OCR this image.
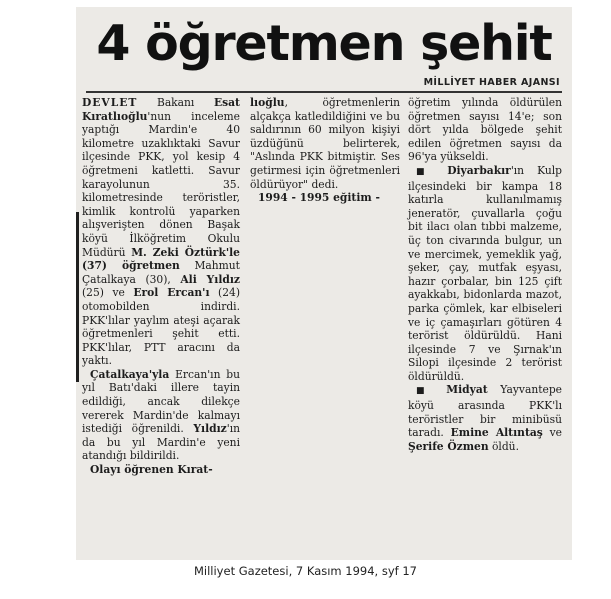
4 öğretmen şehit
MİLLİYET HABER AJANSI

DEVLET Bakanı Esat Kıratlıoğlu'nun inceleme yaptığı Mardin'e 40 kilometre uzaklıktaki Savur ilçesinde PKK, yol kesip 4 öğretmeni katletti. Savur karayolunun 35. kilometresinde teröristler, kimlik kontrolü yaparken alışverişten dönen Başak köyü İlköğretim Okulu Müdürü M. Zeki Öztürk'le (37) öğretmen Mahmut Çatalkaya (30), Ali Yıldız (25) ve Erol Ercan'ı (24) otomobilden indirdi. PKK'lılar yaylım ateşi açarak öğretmenleri şehit etti. PKK'lılar, PTT aracını da yaktı.

Çatalkaya'yla Ercan'ın bu yıl Batı'daki illere tayin edildiği, ancak dilekçe vererek Mardin'de kalmayı istediği öğrenildi. Yıldız'ın da bu yıl Mardin'e yeni atandığı bildirildi.

Olayı öğrenen Kırat-

lıoğlu, öğretmenlerin alçakça katledildiğini ve bu saldırının 60 milyon kişiyi üzdüğünü belirterek, "Aslında PKK bitmiştir. Ses getirmesi için öğretmenleri öldürüyor" dedi.

1994 - 1995 eğitim -

öğretim yılında öldürülen öğretmen sayısı 14'e; son dört yılda bölgede şehit edilen öğretmen sayısı da 96'ya yükseldi.

■ Diyarbakır'ın Kulp ilçesindeki bir kampa 18 katırla kullanılmamış jeneratör, çuvallarla çoğu bit ilacı olan tıbbi malzeme, üç ton civarında bulgur, un ve mercimek, yemeklik yağ, şeker, çay, mutfak eşyası, hazır çorbalar, bin 125 çift ayakkabı, bidonlarda mazot, parka çömlek, kar elbiseleri ve iç çamaşırları götüren 4 terörist öldürüldü. Hani ilçesinde 7 ve Şırnak'ın Silopi ilçesinde 2 terörist öldürüldü.

■ Midyat Yayvantepe köyü arasında PKK'lı teröristler bir minibüsü taradı. Emine Altıntaş ve Şerife Özmen öldü.

Milliyet Gazetesi, 7 Kasım 1994, syf 17
